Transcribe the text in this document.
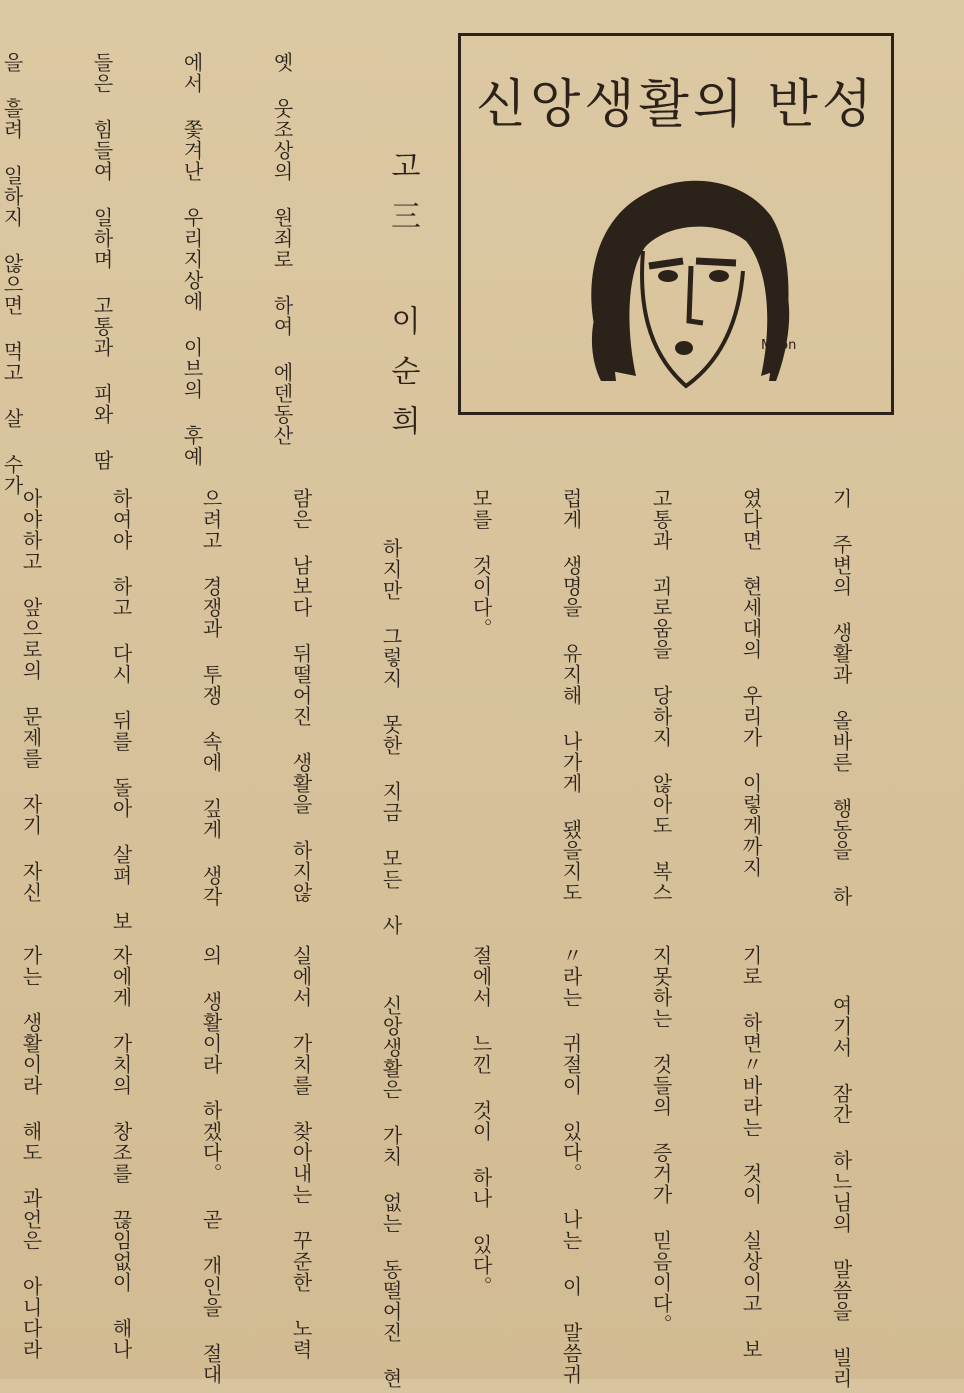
신앙생활의 반성
Moon
고三 이순희

옛 웃조상의 원죄로 하여 에덴동산

에서 쫓겨난 우리지상에 이브의 후예

들은 힘들여 일하며 고통과 피와 땀

을 흘려 일하지 않으면 먹고 살 수가

기 주변의 생활과 올바른 행동을 하

였다면 현세대의 우리가 이렇게까지

고통과 괴로움을 당하지 않아도 복스

럽게 생명을 유지해 나가게 됐을지도

모를 것이다。

하지만 그렇지 못한 지금 모든 사

람은 남보다 뒤떨어진 생활을 하지않

으려고 경쟁과 투쟁 속에 깊게 생각

하여야 하고 다시 뒤를 돌아 살펴 보

아야하고 앞으로의 문제를 자기 자신

여기서 잠간 하느님의 말씀을 빌리

기로 하면〃바라는 것이 실상이고 보

지못하는 것들의 증거가 믿음이다。

〃라는 귀절이 있다。 나는 이 말씀귀

절에서 느낀 것이 하나 있다。

신앙생활은 가치 없는 동떨어진 현

실에서 가치를 찾아내는 꾸준한 노력

의 생활이라 하겠다。 곧 개인을 절대

자에게 가치의 창조를 끊임없이 해나

가는 생활이라 해도 과언은 아니다라
